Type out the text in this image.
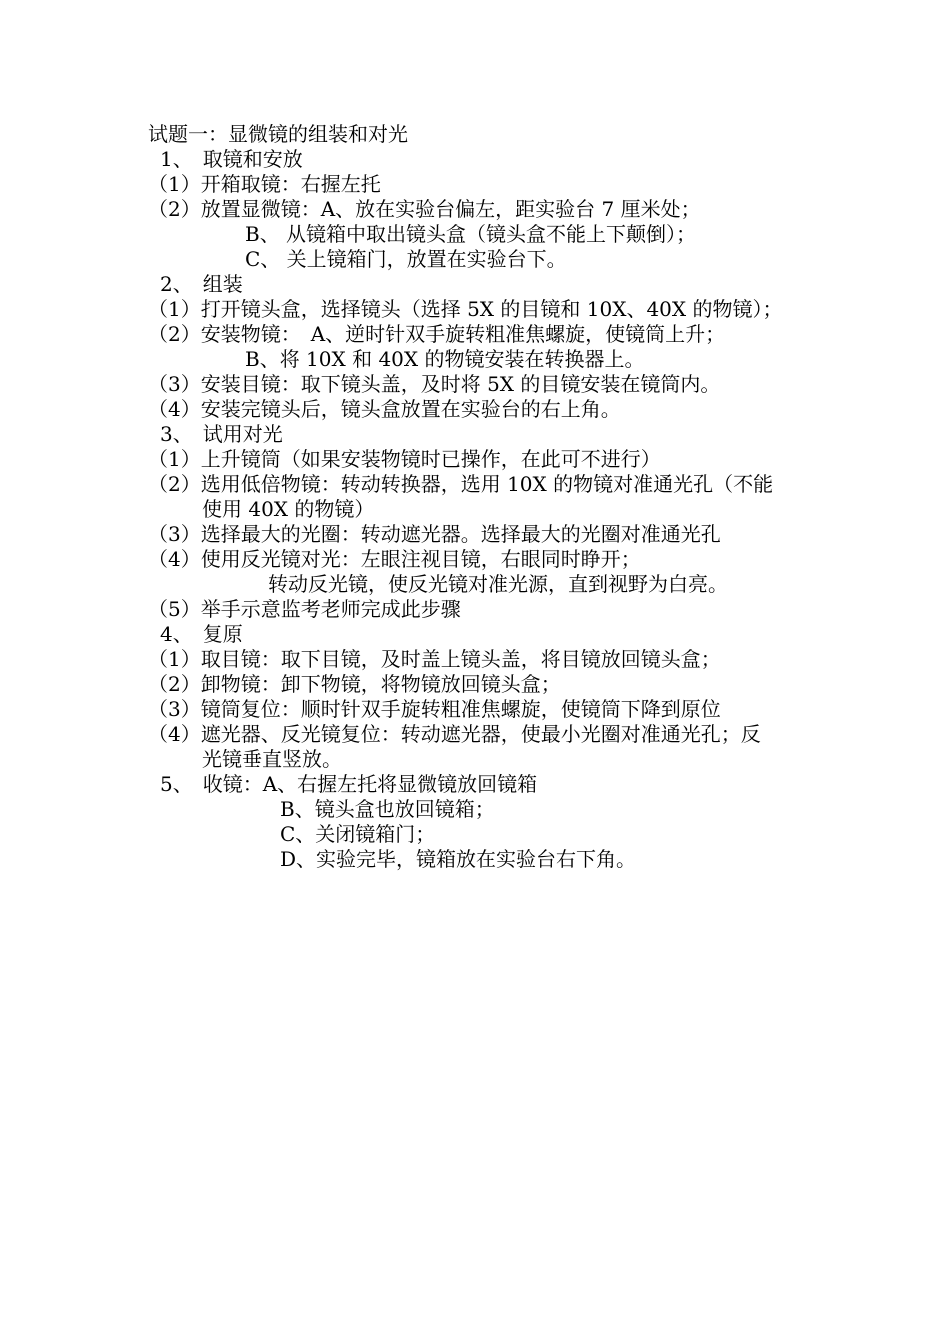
试题一：显微镜的组装和对光
1、　取镜和安放
（1）开箱取镜：右握左托
（2）放置显微镜：A、放在实验台偏左，距实验台 7 厘米处；
B、 从镜箱中取出镜头盒（镜头盒不能上下颠倒）；
C、 关上镜箱门，放置在实验台下。
2、　组装
（1）打开镜头盒，选择镜头（选择 5X 的目镜和 10X、40X 的物镜）；
（2）安装物镜：　A、逆时针双手旋转粗准焦螺旋，使镜筒上升；
B、将 10X 和 40X 的物镜安装在转换器上。
（3）安装目镜：取下镜头盖，及时将 5X 的目镜安装在镜筒内。
（4）安装完镜头后，镜头盒放置在实验台的右上角。
3、　试用对光
（1）上升镜筒（如果安装物镜时已操作，在此可不进行）
（2）选用低倍物镜：转动转换器，选用 10X 的物镜对准通光孔（不能
使用 40X 的物镜）
（3）选择最大的光圈：转动遮光器。选择最大的光圈对准通光孔
（4）使用反光镜对光：左眼注视目镜，右眼同时睁开；
转动反光镜，使反光镜对准光源，直到视野为白亮。
（5）举手示意监考老师完成此步骤
4、　复原
（1）取目镜：取下目镜，及时盖上镜头盖，将目镜放回镜头盒；
（2）卸物镜：卸下物镜，将物镜放回镜头盒；
（3）镜筒复位：顺时针双手旋转粗准焦螺旋，使镜筒下降到原位
（4）遮光器、反光镜复位：转动遮光器，使最小光圈对准通光孔；反
光镜垂直竖放。
5、　收镜：A、右握左托将显微镜放回镜箱
B、镜头盒也放回镜箱；
C、关闭镜箱门；
D、实验完毕，镜箱放在实验台右下角。
